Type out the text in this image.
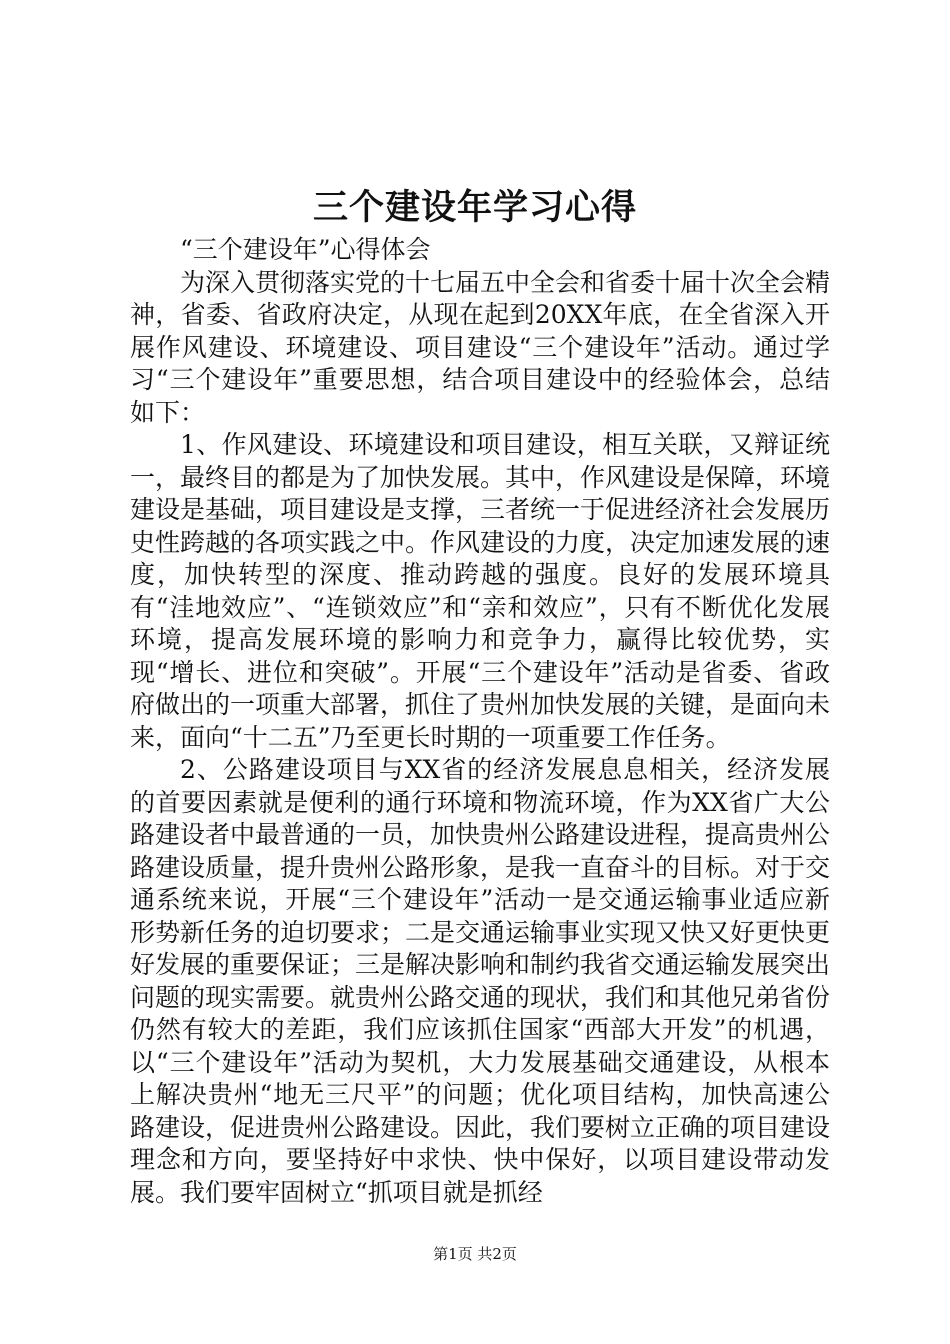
三个建设年学习心得

“三个建设年”心得体会

为深入贯彻落实党的十七届五中全会和省委十届十次全会精神，省委、省政府决定，从现在起到20XX年底，在全省深入开展作风建设、环境建设、项目建设“三个建设年”活动。通过学习“三个建设年”重要思想，结合项目建设中的经验体会，总结如下：

1、作风建设、环境建设和项目建设，相互关联，又辩证统一，最终目的都是为了加快发展。其中，作风建设是保障，环境建设是基础，项目建设是支撑，三者统一于促进经济社会发展历史性跨越的各项实践之中。作风建设的力度，决定加速发展的速度，加快转型的深度、推动跨越的强度。良好的发展环境具有“洼地效应”、“连锁效应”和“亲和效应”，只有不断优化发展环境，提高发展环境的影响力和竞争力，赢得比较优势，实现“增长、进位和突破”。开展“三个建设年”活动是省委、省政府做出的一项重大部署，抓住了贵州加快发展的关键，是面向未来，面向“十二五”乃至更长时期的一项重要工作任务。

2、公路建设项目与XX省的经济发展息息相关，经济发展的首要因素就是便利的通行环境和物流环境，作为XX省广大公路建设者中最普通的一员，加快贵州公路建设进程，提高贵州公路建设质量，提升贵州公路形象，是我一直奋斗的目标。对于交通系统来说，开展“三个建设年”活动一是交通运输事业适应新形势新任务的迫切要求；二是交通运输事业实现又快又好更快更好发展的重要保证；三是解决影响和制约我省交通运输发展突出问题的现实需要。就贵州公路交通的现状，我们和其他兄弟省份仍然有较大的差距，我们应该抓住国家“西部大开发”的机遇，以“三个建设年”活动为契机，大力发展基础交通建设，从根本上解决贵州“地无三尺平”的问题；优化项目结构，加快高速公路建设，促进贵州公路建设。因此，我们要树立正确的项目建设理念和方向，要坚持好中求快、快中保好，以项目建设带动发展。我们要牢固树立“抓项目就是抓经

第1页 共2页
